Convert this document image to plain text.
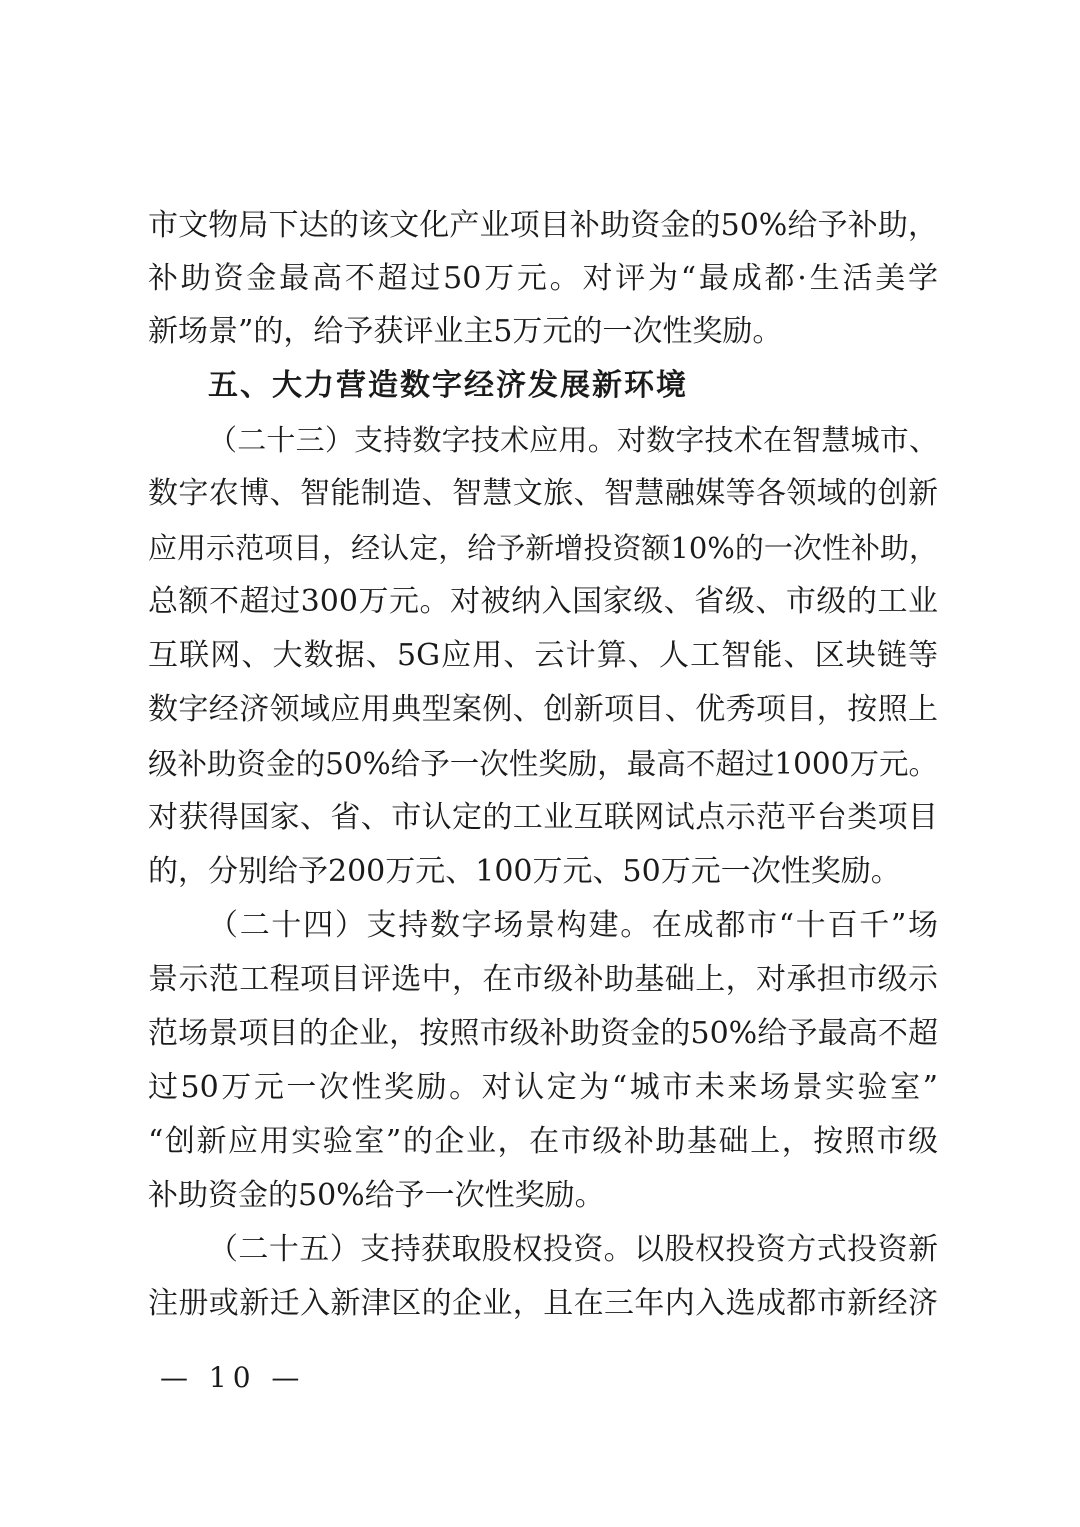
市文物局下达的该文化产业项目补助资金的50%给予补助，
补助资金最高不超过50万元。对评为“最成都·生活美学
新场景”的，给予获评业主5万元的一次性奖励。
五、大力营造数字经济发展新环境
（二十三）支持数字技术应用。对数字技术在智慧城市、
数字农博、智能制造、智慧文旅、智慧融媒等各领域的创新
应用示范项目，经认定，给予新增投资额10%的一次性补助，
总额不超过300万元。对被纳入国家级、省级、市级的工业
互联网、大数据、5G应用、云计算、人工智能、区块链等
数字经济领域应用典型案例、创新项目、优秀项目，按照上
级补助资金的50%给予一次性奖励，最高不超过1000万元。
对获得国家、省、市认定的工业互联网试点示范平台类项目
的，分别给予200万元、100万元、50万元一次性奖励。
（二十四）支持数字场景构建。在成都市“十百千”场
景示范工程项目评选中，在市级补助基础上，对承担市级示
范场景项目的企业，按照市级补助资金的50%给予最高不超
过50万元一次性奖励。对认定为“城市未来场景实验室”
“创新应用实验室”的企业，在市级补助基础上，按照市级
补助资金的50%给予一次性奖励。
（二十五）支持获取股权投资。以股权投资方式投资新
注册或新迁入新津区的企业，且在三年内入选成都市新经济
— 10 —
